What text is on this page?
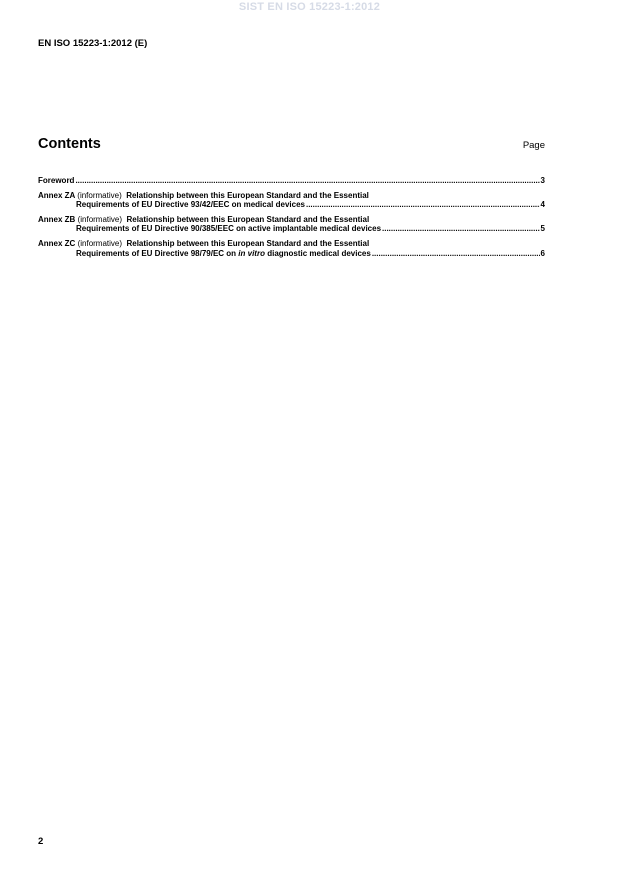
SIST EN ISO 15223-1:2012
EN ISO 15223-1:2012 (E)
Contents	Page
Foreword .....	3
Annex ZA (informative) Relationship between this European Standard and the Essential
Requirements of EU Directive 93/42/EEC on medical devices .....	4
Annex ZB (informative) Relationship between this European Standard and the Essential
Requirements of EU Directive 90/385/EEC on active implantable medical devices .....	5
Annex ZC (informative) Relationship between this European Standard and the Essential
Requirements of EU Directive 98/79/EC on in vitro diagnostic medical devices .....	6
2
